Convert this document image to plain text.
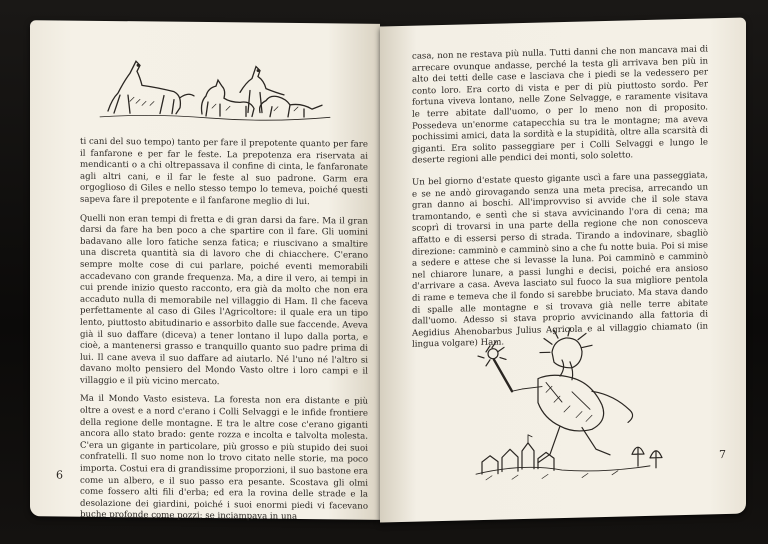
ti cani del suo tempo) tanto per fare il prepotente quanto per fare il fanfarone e per far le feste. La prepotenza era riservata ai mendicanti o a chi oltrepassava il confine di cinta, le fanfaronate agli altri cani, e il far le feste al suo padrone. Garm era orgoglioso di Giles e nello stesso tempo lo temeva, poiché questi sapeva fare il prepotente e il fanfarone meglio di lui.

Quelli non eran tempi di fretta e di gran darsi da fare. Ma il gran darsi da fare ha ben poco a che spartire con il fare. Gli uomini badavano alle loro fatiche senza fatica; e riuscivano a smaltire una discreta quantità sia di lavoro che di chiacchere. C'erano sempre molte cose di cui parlare, poiché eventi memorabili accadevano con grande frequenza. Ma, a dire il vero, ai tempi in cui prende inizio questo racconto, era già da molto che non era accaduto nulla di memorabile nel villaggio di Ham. Il che faceva perfettamente al caso di Giles l'Agricoltore: il quale era un tipo lento, piuttosto abitudinario e assorbito dalle sue faccende. Aveva già il suo daffare (diceva) a tener lontano il lupo dalla porta, e cioè, a mantenersi grasso e tranquillo quanto suo padre prima di lui. Il cane aveva il suo daffare ad aiutarlo. Né l'uno né l'altro si davano molto pensiero del Mondo Vasto oltre i loro campi e il villaggio e il più vicino mercato.

Ma il Mondo Vasto esisteva. La foresta non era distante e più oltre a ovest e a nord c'erano i Colli Selvaggi e le infide frontiere della regione delle montagne. E tra le altre cose c'erano giganti ancora allo stato brado: gente rozza e incolta e talvolta molesta. C'era un gigante in particolare, più grosso e più stupido dei suoi confratelli. Il suo nome non lo trovo citato nelle storie, ma poco importa. Costui era di grandissime proporzioni, il suo bastone era come un albero, e il suo passo era pesante. Scostava gli olmi come fossero alti fili d'erba; ed era la rovina delle strade e la desolazione dei giardini, poiché i suoi enormi piedi vi facevano buche profonde come pozzi; se inciampava in una

6

casa, non ne restava più nulla. Tutti danni che non mancava mai di arrecare ovunque andasse, perché la testa gli arrivava ben più in alto dei tetti delle case e lasciava che i piedi se la vedessero per conto loro. Era corto di vista e per di più piuttosto sordo. Per fortuna viveva lontano, nelle Zone Selvagge, e raramente visitava le terre abitate dall'uomo, o per lo meno non di proposito. Possedeva un'enorme catapecchia su tra le montagne; ma aveva pochissimi amici, data la sordità e la stupidità, oltre alla scarsità di giganti. Era solito passeggiare per i Colli Selvaggi e lungo le deserte regioni alle pendici dei monti, solo soletto.

Un bel giorno d'estate questo gigante uscì a fare una passeggiata, e se ne andò girovagando senza una meta precisa, arrecando un gran danno ai boschi. All'improvviso si avvide che il sole stava tramontando, e sentì che si stava avvicinando l'ora di cena; ma scoprì di trovarsi in una parte della regione che non conosceva affatto e di essersi perso di strada. Tirando a indovinare, sbagliò direzione: camminò e camminò sino a che fu notte buia. Poi si mise a sedere e attese che si levasse la luna. Poi camminò e camminò nel chiarore lunare, a passi lunghi e decisi, poiché era ansioso d'arrivare a casa. Aveva lasciato sul fuoco la sua migliore pentola di rame e temeva che il fondo si sarebbe bruciato. Ma stava dando di spalle alle montagne e si trovava già nelle terre abitate dall'uomo. Adesso si stava proprio avvicinando alla fattoria di Aegidius Ahenobarbus Julius Agricola e al villaggio chiamato (in lingua volgare) Ham.

7
